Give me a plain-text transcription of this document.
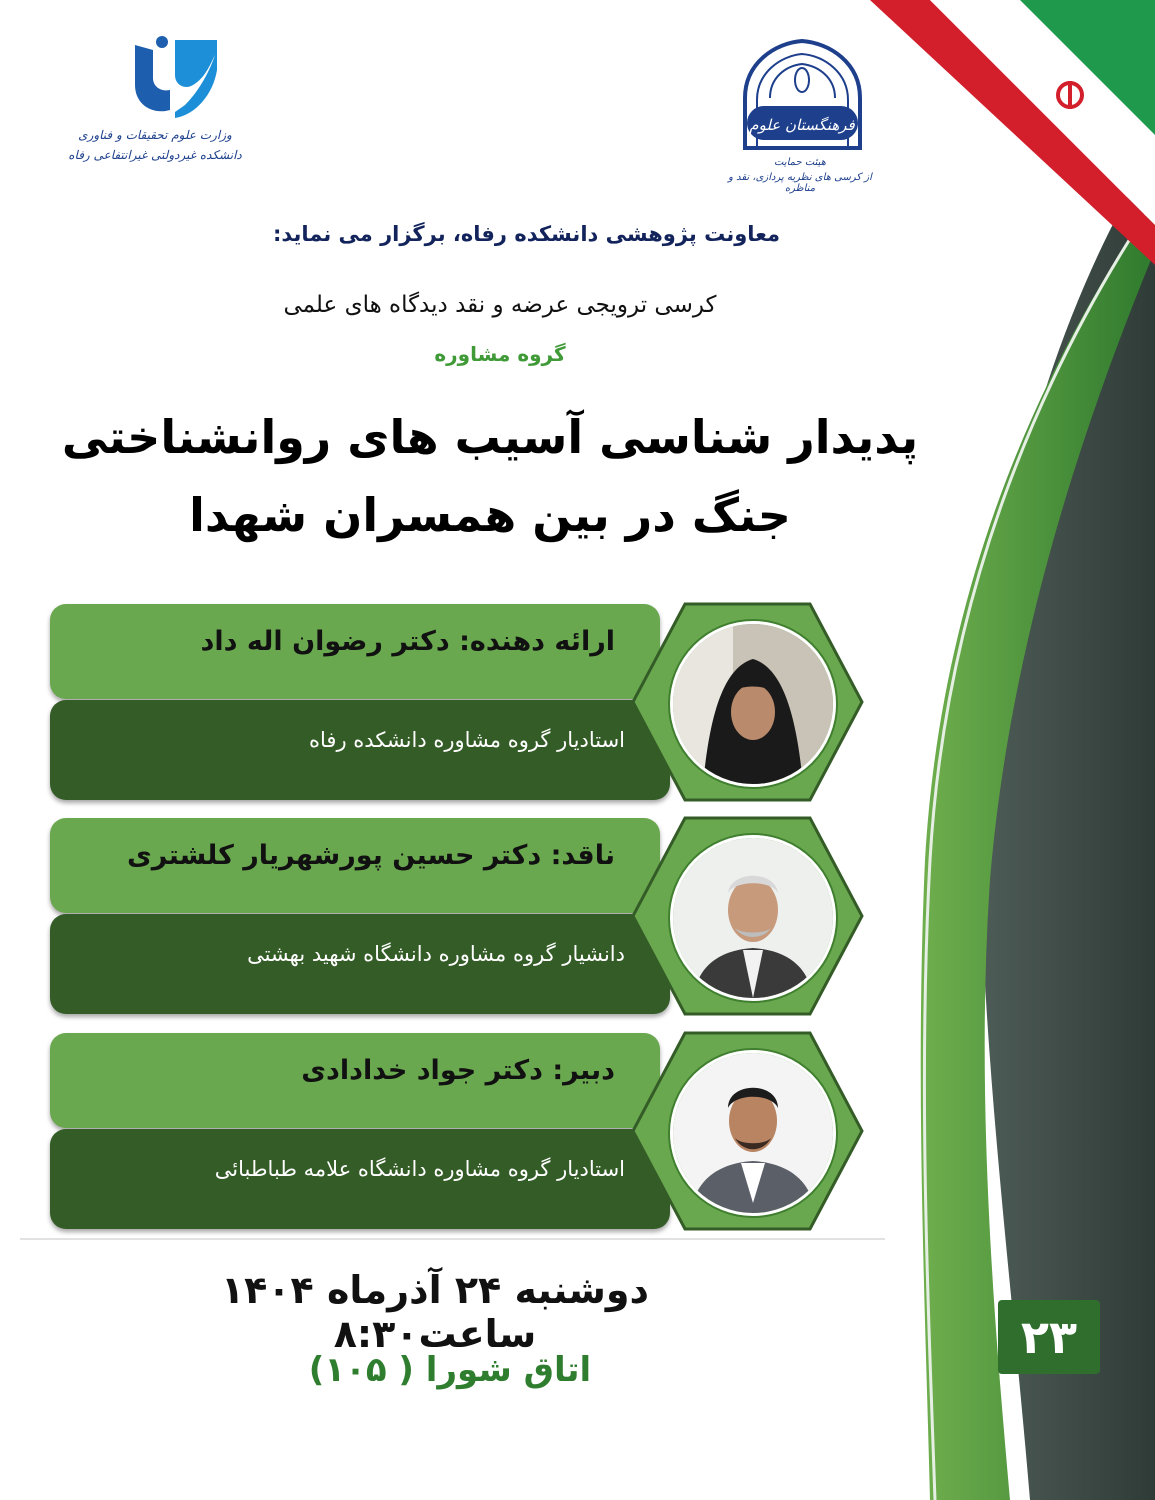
وزارت علوم تحقیقات و فناوری
دانشکده غیردولتی غیرانتفاعی رفاه
فرهنگستان علوم
هیئت حمایت
از کرسی های نظریه پردازی، نقد و مناظره
معاونت پژوهشی دانشکده رفاه، برگزار می نماید:
کرسی ترویجی عرضه و نقد دیدگاه های علمی
گروه مشاوره
پدیدار شناسی آسیب های روانشناختی
جنگ در بین همسران شهدا
ارائه دهنده: دکتر رضوان اله داد
استادیار گروه مشاوره دانشکده رفاه
ناقد: دکتر حسین پورشهریار کلشتری
دانشیار گروه مشاوره دانشگاه شهید بهشتی
دبیر: دکتر جواد خدادادی
استادیار گروه مشاوره دانشگاه علامه طباطبائی
دوشنبه ۲۴ آذرماه ۱۴۰۴ ساعت۸:۳۰
اتاق شورا ( ۱۰۵)
۲۳
